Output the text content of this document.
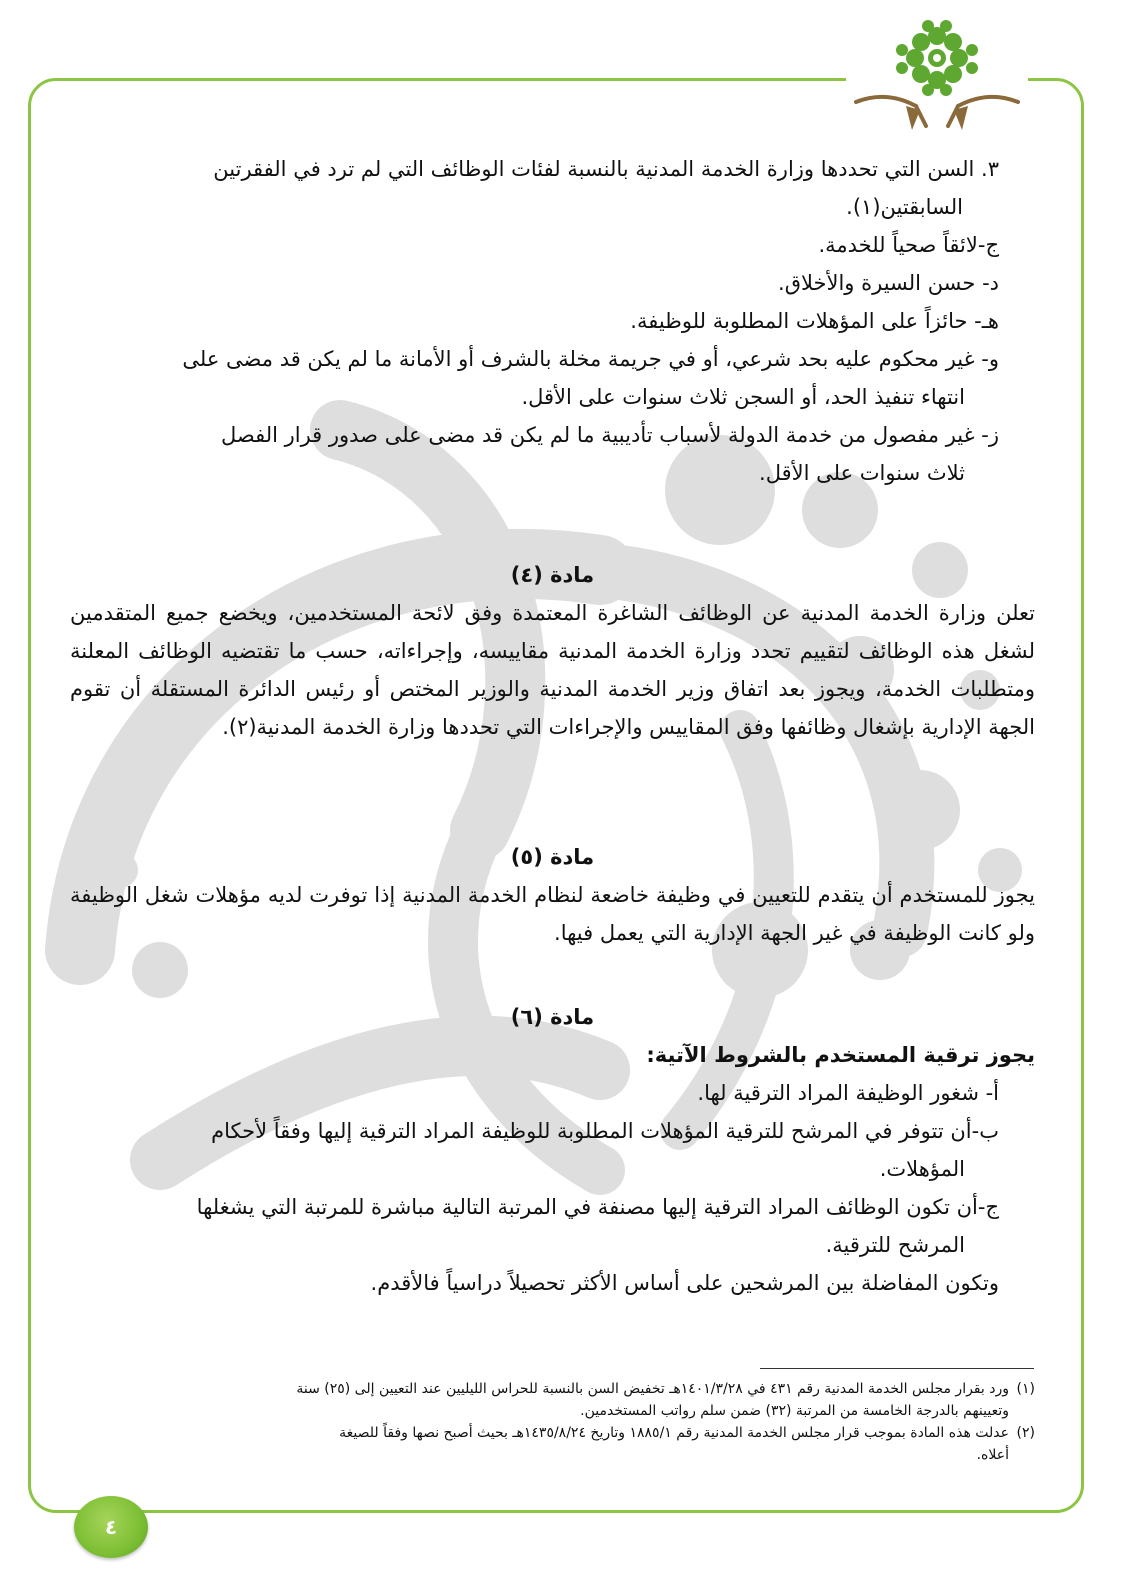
٣. السن التي تحددها وزارة الخدمة المدنية بالنسبة لفئات الوظائف التي لم ترد في الفقرتين
السابقتين(١).
ج-لائقاً صحياً للخدمة.
د- حسن السيرة والأخلاق.
هـ- حائزاً على المؤهلات المطلوبة للوظيفة.
و- غير محكوم عليه بحد شرعي، أو في جريمة مخلة بالشرف أو الأمانة ما لم يكن قد مضى على
انتهاء تنفيذ الحد، أو السجن ثلاث سنوات على الأقل.
ز- غير مفصول من خدمة الدولة لأسباب تأديبية ما لم يكن قد مضى على صدور قرار الفصل
ثلاث سنوات على الأقل.
مادة (٤)
تعلن وزارة الخدمة المدنية عن الوظائف الشاغرة المعتمدة وفق لائحة المستخدمين، ويخضع جميع المتقدمين لشغل هذه الوظائف لتقييم تحدد وزارة الخدمة المدنية مقاييسه، وإجراءاته، حسب ما تقتضيه الوظائف المعلنة ومتطلبات الخدمة، ويجوز بعد اتفاق وزير الخدمة المدنية والوزير المختص أو رئيس الدائرة المستقلة أن تقوم الجهة الإدارية بإشغال وظائفها وفق المقاييس والإجراءات التي تحددها وزارة الخدمة المدنية(٢).
مادة (٥)
يجوز للمستخدم أن يتقدم للتعيين في وظيفة خاضعة لنظام الخدمة المدنية إذا توفرت لديه مؤهلات شغل الوظيفة ولو كانت الوظيفة في غير الجهة الإدارية التي يعمل فيها.
مادة (٦)
يجوز ترقية المستخدم بالشروط الآتية:
أ- شغور الوظيفة المراد الترقية لها.
ب-أن تتوفر في المرشح للترقية المؤهلات المطلوبة للوظيفة المراد الترقية إليها وفقاً لأحكام
المؤهلات.
ج-أن تكون الوظائف المراد الترقية إليها مصنفة في المرتبة التالية مباشرة للمرتبة التي يشغلها
المرشح للترقية.
وتكون المفاضلة بين المرشحين على أساس الأكثر تحصيلاً دراسياً فالأقدم.
(١)ورد بقرار مجلس الخدمة المدنية رقم ٤٣١ في ١٤٠١/٣/٢٨هـ تخفيض السن بالنسبة للحراس الليليين عند التعيين إلى (٢٥) سنة
وتعيينهم بالدرجة الخامسة من المرتبة (٣٢) ضمن سلم رواتب المستخدمين.
(٢)عدلت هذه المادة بموجب قرار مجلس الخدمة المدنية رقم ١٨٨٥/١ وتاريخ ١٤٣٥/٨/٢٤هـ بحيث أصبح نصها وفقاً للصيغة
أعلاه.
٤
